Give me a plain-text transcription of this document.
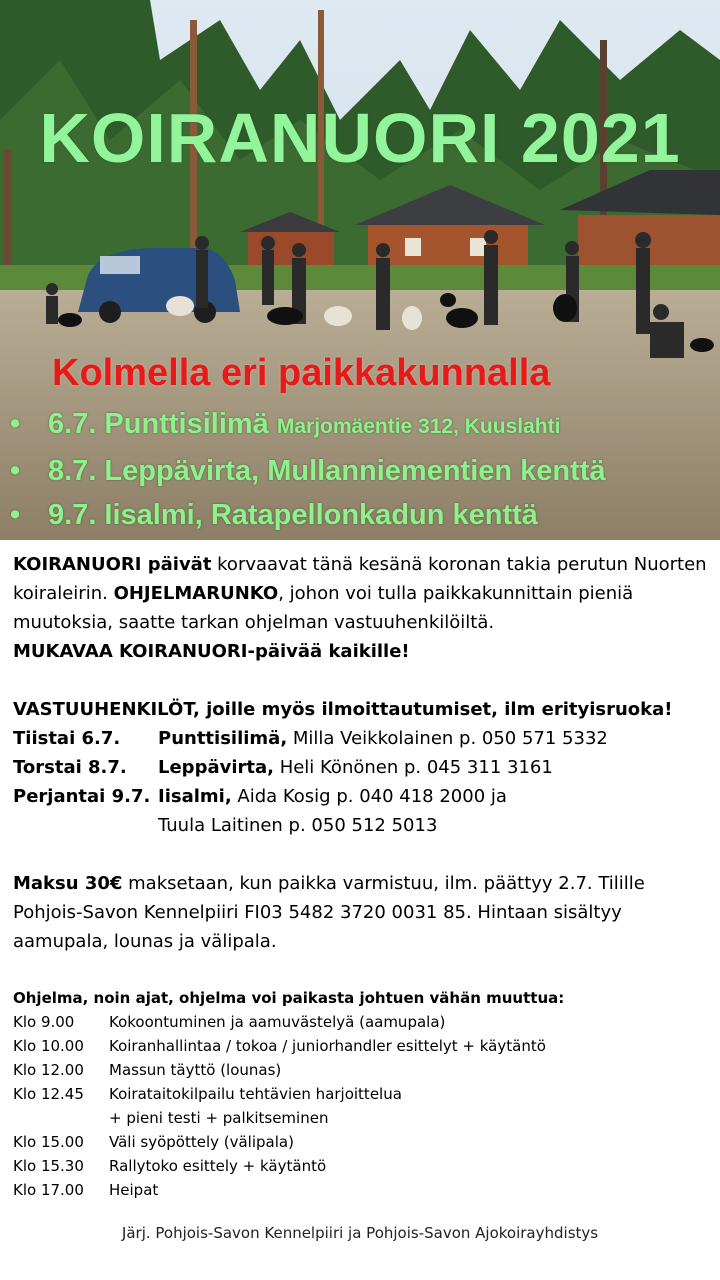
KOIRANUORI 2021
Kolmella eri paikkakunnalla
• 6.7. Punttisilimä Marjomäentie 312, Kuuslahti
• 8.7. Leppävirta, Mullanniementien kenttä
• 9.7. Iisalmi, Ratapellonkadun kenttä
KOIRANUORI päivät korvaavat tänä kesänä koronan takia perutun Nuorten koiraleirin. OHJELMARUNKO, johon voi tulla paikkakunnittain pieniä muutoksia, saatte tarkan ohjelman vastuuhenkilöiltä.
MUKAVAA KOIRANUORI-päivää kaikille!
VASTUUHENKILÖT, joille myös ilmoittautumiset, ilm erityisruoka!
Tiistai 6.7.	Punttisilimä, Milla Veikkolainen p. 050 571 5332
Torstai 8.7.	Leppävirta, Heli Könönen p. 045 311 3161
Perjantai 9.7. Iisalmi, Aida Kosig p. 040 418 2000 ja
Tuula Laitinen p. 050 512 5013
Maksu 30€ maksetaan, kun paikka varmistuu, ilm. päättyy 2.7. Tilille Pohjois-Savon Kennelpiiri FI03 5482 3720 0031 85. Hintaan sisältyy aamupala, lounas ja välipala.
Ohjelma, noin ajat, ohjelma voi paikasta johtuen vähän muuttua:
Klo 9.00	Kokoontuminen ja aamuvästelyä (aamupala)
Klo 10.00	Koiranhallintaa / tokoa / juniorhandler esittelyt + käytäntö
Klo 12.00	Massun täyttö (lounas)
Klo 12.45	Koirataitokilpailu tehtävien harjoittelua
+ pieni testi + palkitseminen
Klo 15.00	Väli syöpöttely (välipala)
Klo 15.30	Rallytoko esittely + käytäntö
Klo 17.00	Heipat
Järj. Pohjois-Savon Kennelpiiri ja Pohjois-Savon Ajokoirayhdistys
